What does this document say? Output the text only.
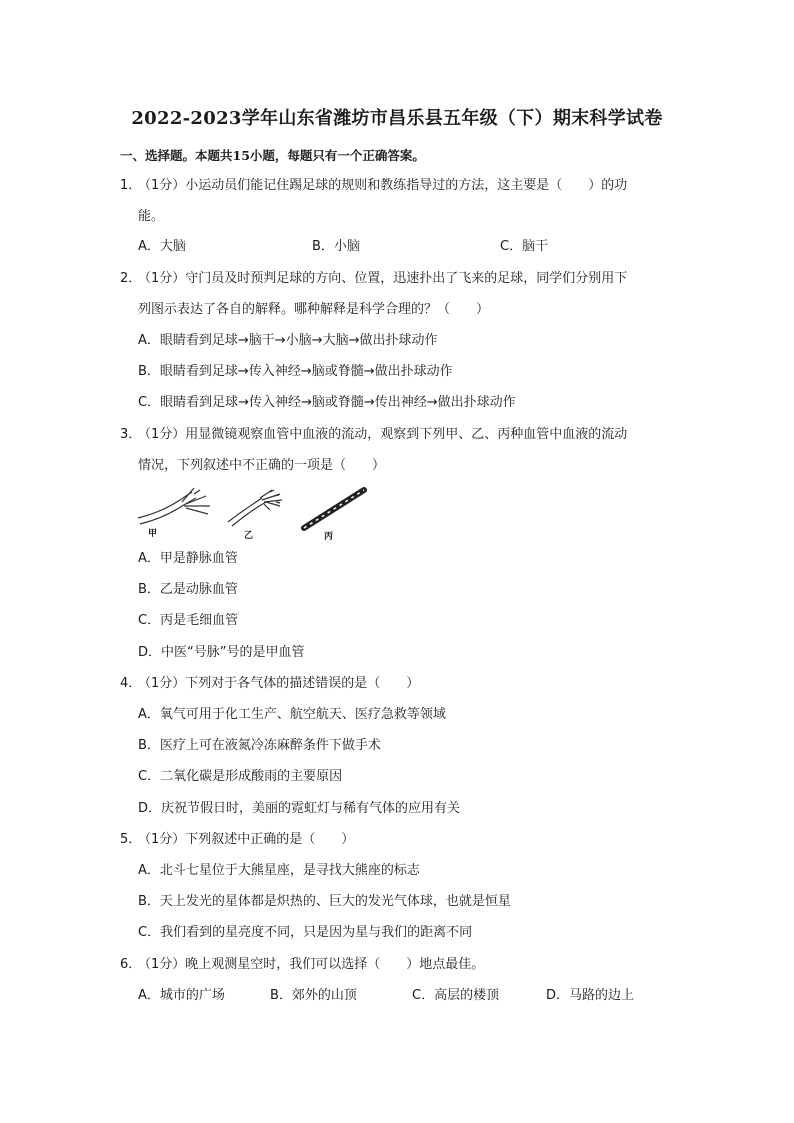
2022-2023学年山东省潍坊市昌乐县五年级（下）期末科学试卷
一、选择题。本题共15小题，每题只有一个正确答案。
1．
（1分）小运动员们能记住踢足球的规则和教练指导过的方法，这主要是（　　）的功
能。
A．大脑	B．小脑	C．脑干
2．
（1分）守门员及时预判足球的方向、位置，迅速扑出了飞来的足球，同学们分别用下
列图示表达了各自的解释。哪种解释是科学合理的？（　　）
A．眼睛看到足球→脑干→小脑→大脑→做出扑球动作
B．眼睛看到足球→传入神经→脑或脊髓→做出扑球动作
C．眼睛看到足球→传入神经→脑或脊髓→传出神经→做出扑球动作
3．
（1分）用显微镜观察血管中血液的流动，观察到下列甲、乙、丙种血管中血液的流动
情况，下列叙述中不正确的一项是（　　）
甲	乙	丙
A．甲是静脉血管
B．乙是动脉血管
C．丙是毛细血管
D．中医“号脉”号的是甲血管
4．
（1分）下列对于各气体的描述错误的是（　　）
A．氧气可用于化工生产、航空航天、医疗急救等领域
B．医疗上可在液氮冷冻麻醉条件下做手术
C．二氧化碳是形成酸雨的主要原因
D．庆祝节假日时，美丽的霓虹灯与稀有气体的应用有关
5．
（1分）下列叙述中正确的是（　　）
A．北斗七星位于大熊星座，是寻找大熊座的标志
B．天上发光的星体都是炽热的、巨大的发光气体球，也就是恒星
C．我们看到的星亮度不同，只是因为星与我们的距离不同
6．
（1分）晚上观测星空时，我们可以选择（　　）地点最佳。
A．城市的广场	B．郊外的山顶	C．高层的楼顶	D．马路的边上
